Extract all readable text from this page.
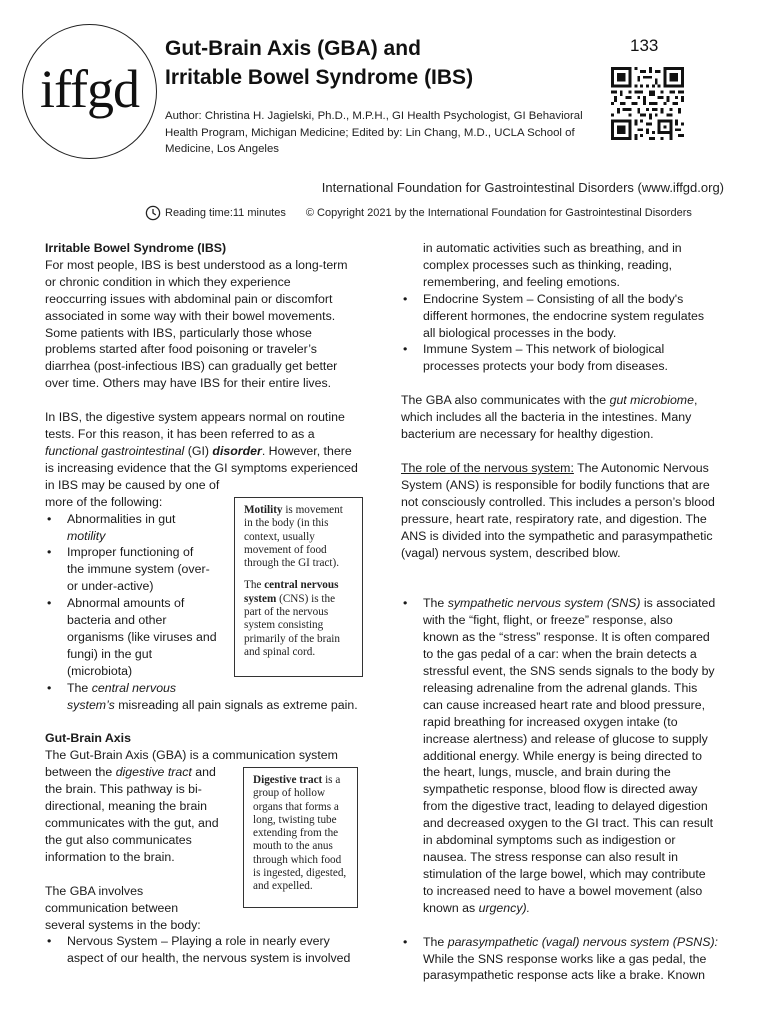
iffgd
Gut-Brain Axis (GBA) and
Irritable Bowel Syndrome (IBS)
133
Author: Christina H. Jagielski, Ph.D., M.P.H., GI Health Psychologist, GI Behavioral
Health Program, Michigan Medicine; Edited by: Lin Chang, M.D., UCLA School of
Medicine, Los Angeles
International Foundation for Gastrointestinal Disorders (www.iffgd.org)
Reading time:11 minutes © Copyright 2021 by the International Foundation for Gastrointestinal Disorders
Irritable Bowel Syndrome (IBS)
For most people, IBS is best understood as a long-term
or chronic condition in which they experience
reoccurring issues with abdominal pain or discomfort
associated in some way with their bowel movements.
Some patients with IBS, particularly those whose
problems started after food poisoning or traveler’s
diarrhea (post-infectious IBS) can gradually get better
over time. Others may have IBS for their entire lives.
In IBS, the digestive system appears normal on routine
tests. For this reason, it has been referred to as a
functional gastrointestinal (GI) disorder. However, there
is increasing evidence that the GI symptoms experienced
in IBS may be caused by one of
more of the following:
• Abnormalities in gut
motility
• Improper functioning of
the immune system (over-
or under-active)
• Abnormal amounts of
bacteria and other
organisms (like viruses and
fungi) in the gut
(microbiota)
• The central nervous
system’s misreading all pain signals as extreme pain.
Gut-Brain Axis
The Gut-Brain Axis (GBA) is a communication system
between the digestive tract and
the brain. This pathway is bi-
directional, meaning the brain
communicates with the gut, and
the gut also communicates
information to the brain.
The GBA involves
communication between
several systems in the body:
• Nervous System – Playing a role in nearly every
aspect of our health, the nervous system is involved

Motility is movement in the body (in this context, usually movement of food through the GI tract).

The central nervous system (CNS) is the part of the nervous system consisting primarily of the brain and spinal cord.

Digestive tract is a group of hollow organs that forms a long, twisting tube extending from the mouth to the anus through which food is ingested, digested, and expelled.

in automatic activities such as breathing, and in
complex processes such as thinking, reading,
remembering, and feeling emotions.
• Endocrine System – Consisting of all the body's
different hormones, the endocrine system regulates
all biological processes in the body.
• Immune System – This network of biological
processes protects your body from diseases.
The GBA also communicates with the gut microbiome,
which includes all the bacteria in the intestines. Many
bacterium are necessary for healthy digestion.
The role of the nervous system: The Autonomic Nervous
System (ANS) is responsible for bodily functions that are
not consciously controlled. This includes a person’s blood
pressure, heart rate, respiratory rate, and digestion. The
ANS is divided into the sympathetic and parasympathetic
(vagal) nervous system, described blow.
• The sympathetic nervous system (SNS) is associated
with the “fight, flight, or freeze” response, also
known as the “stress” response. It is often compared
to the gas pedal of a car: when the brain detects a
stressful event, the SNS sends signals to the body by
releasing adrenaline from the adrenal glands. This
can cause increased heart rate and blood pressure,
rapid breathing for increased oxygen intake (to
increase alertness) and release of glucose to supply
additional energy. While energy is being directed to
the heart, lungs, muscle, and brain during the
sympathetic response, blood flow is directed away
from the digestive tract, leading to delayed digestion
and decreased oxygen to the GI tract. This can result
in abdominal symptoms such as indigestion or
nausea. The stress response can also result in
stimulation of the large bowel, which may contribute
to increased need to have a bowel movement (also
known as urgency).
• The parasympathetic (vagal) nervous system (PSNS):
While the SNS response works like a gas pedal, the
parasympathetic response acts like a brake. Known
